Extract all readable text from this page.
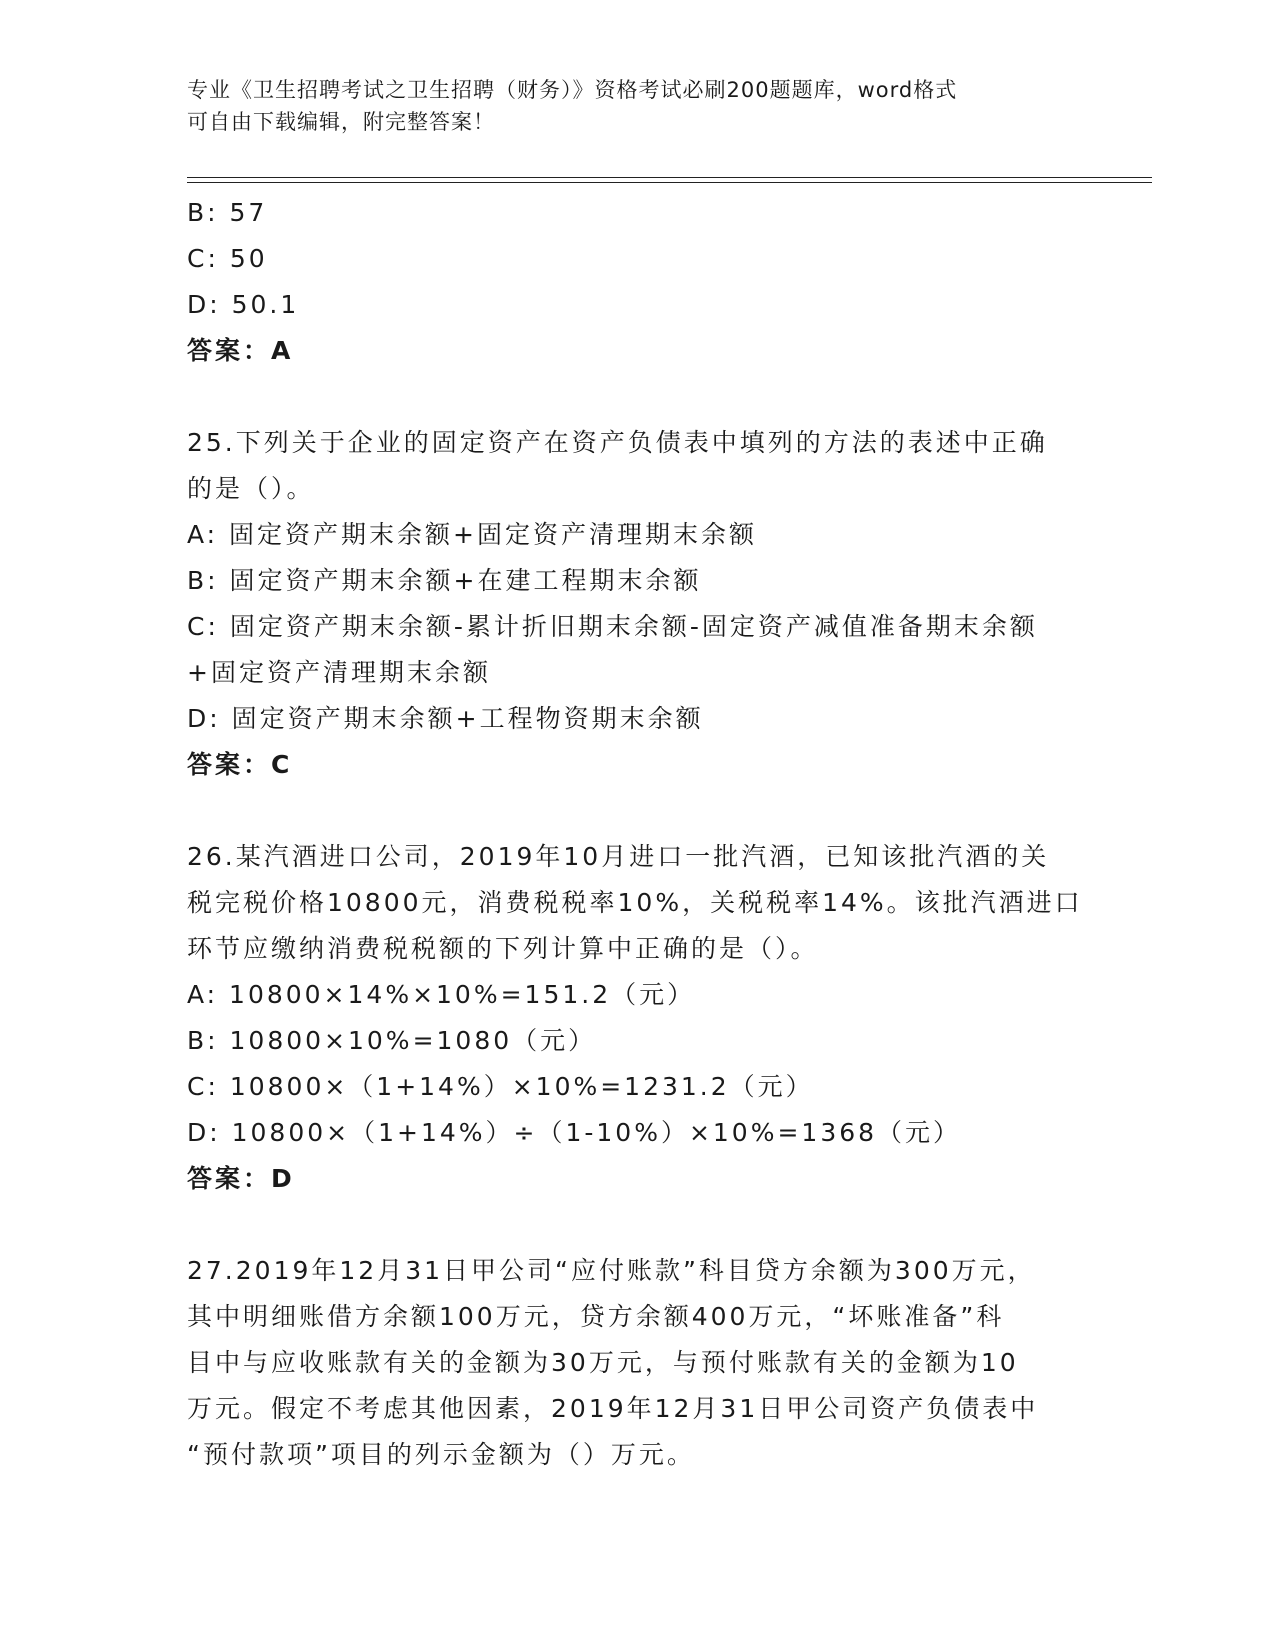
专业《卫生招聘考试之卫生招聘（财务）》资格考试必刷200题题库，word格式
可自由下载编辑，附完整答案！
B: 57
C: 50
D: 50.1
答案：A
25.下列关于企业的固定资产在资产负债表中填列的方法的表述中正确
的是（）。
A: 固定资产期末余额+固定资产清理期末余额
B: 固定资产期末余额+在建工程期末余额
C: 固定资产期末余额-累计折旧期末余额-固定资产减值准备期末余额
+固定资产清理期末余额
D: 固定资产期末余额+工程物资期末余额
答案：C
26.某汽酒进口公司，2019年10月进口一批汽酒，已知该批汽酒的关
税完税价格10800元，消费税税率10%，关税税率14%。该批汽酒进口
环节应缴纳消费税税额的下列计算中正确的是（）。
A: 10800×14%×10%=151.2（元）
B: 10800×10%=1080（元）
C: 10800×（1+14%）×10%=1231.2（元）
D: 10800×（1+14%）÷（1-10%）×10%=1368（元）
答案：D
27.2019年12月31日甲公司“应付账款”科目贷方余额为300万元，
其中明细账借方余额100万元，贷方余额400万元，“坏账准备”科
目中与应收账款有关的金额为30万元，与预付账款有关的金额为10
万元。假定不考虑其他因素，2019年12月31日甲公司资产负债表中
“预付款项”项目的列示金额为（）万元。
